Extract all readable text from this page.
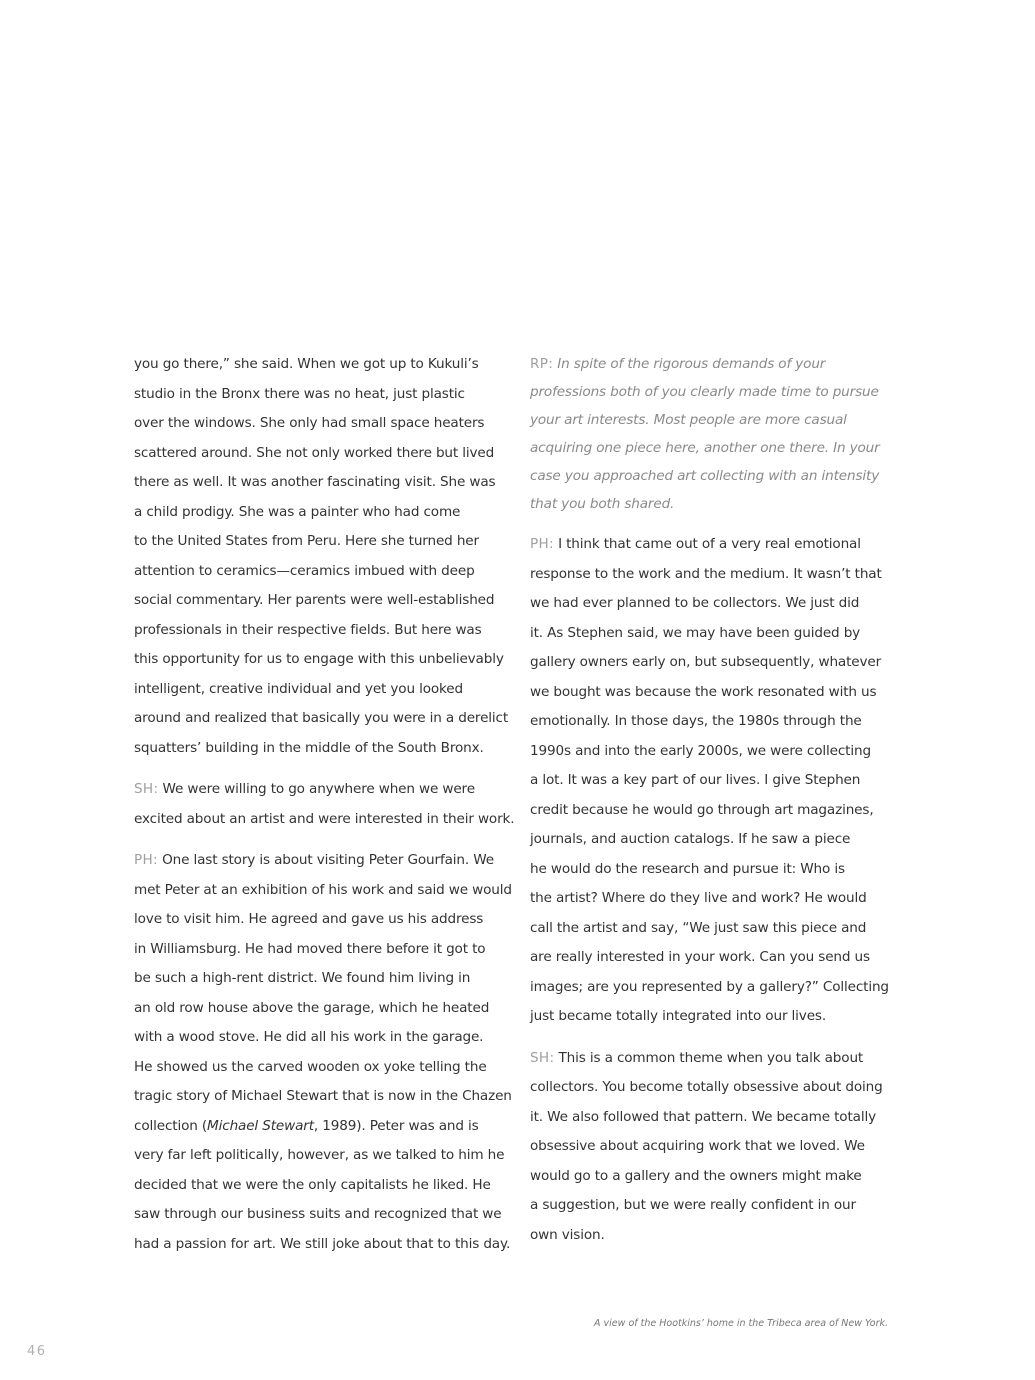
you go there,” she said. When we got up to Kukuli’s
studio in the Bronx there was no heat, just plastic
over the windows. She only had small space heaters
scattered around. She not only worked there but lived
there as well. It was another fascinating visit. She was
a child prodigy. She was a painter who had come
to the United States from Peru. Here she turned her
attention to ceramics—ceramics imbued with deep
social commentary. Her parents were well-established
professionals in their respective fields. But here was
this opportunity for us to engage with this unbelievably
intelligent, creative individual and yet you looked
around and realized that basically you were in a derelict
squatters’ building in the middle of the South Bronx.
SH: We were willing to go anywhere when we were
excited about an artist and were interested in their work.
PH: One last story is about visiting Peter Gourfain. We
met Peter at an exhibition of his work and said we would
love to visit him. He agreed and gave us his address
in Williamsburg. He had moved there before it got to
be such a high-rent district. We found him living in
an old row house above the garage, which he heated
with a wood stove. He did all his work in the garage.
He showed us the carved wooden ox yoke telling the
tragic story of Michael Stewart that is now in the Chazen
collection (Michael Stewart, 1989). Peter was and is
very far left politically, however, as we talked to him he
decided that we were the only capitalists he liked. He
saw through our business suits and recognized that we
had a passion for art. We still joke about that to this day.
RP: In spite of the rigorous demands of your
professions both of you clearly made time to pursue
your art interests. Most people are more casual
acquiring one piece here, another one there. In your
case you approached art collecting with an intensity
that you both shared.
PH: I think that came out of a very real emotional
response to the work and the medium. It wasn’t that
we had ever planned to be collectors. We just did
it. As Stephen said, we may have been guided by
gallery owners early on, but subsequently, whatever
we bought was because the work resonated with us
emotionally. In those days, the 1980s through the
1990s and into the early 2000s, we were collecting
a lot. It was a key part of our lives. I give Stephen
credit because he would go through art magazines,
journals, and auction catalogs. If he saw a piece
he would do the research and pursue it: Who is
the artist? Where do they live and work? He would
call the artist and say, “We just saw this piece and
are really interested in your work. Can you send us
images; are you represented by a gallery?” Collecting
just became totally integrated into our lives.
SH: This is a common theme when you talk about
collectors. You become totally obsessive about doing
it. We also followed that pattern. We became totally
obsessive about acquiring work that we loved. We
would go to a gallery and the owners might make
a suggestion, but we were really confident in our
own vision.
A view of the Hootkins’ home in the Tribeca area of New York.
46
